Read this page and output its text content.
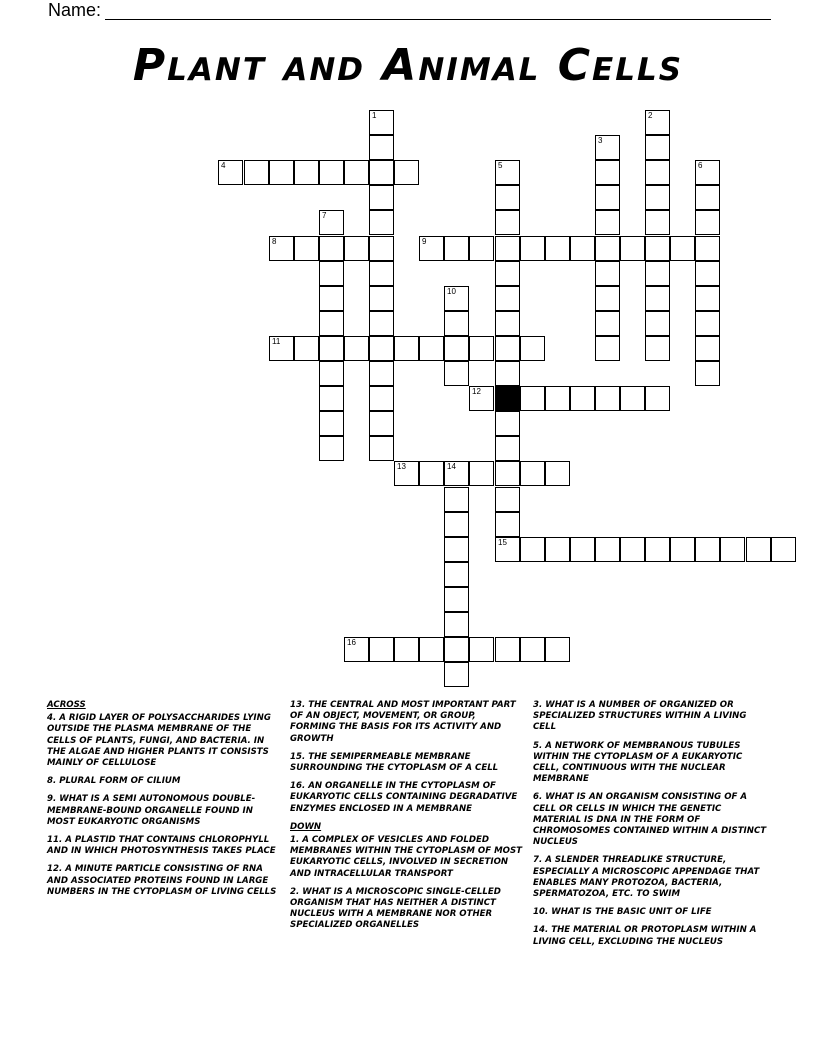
Name:
Plant and Animal Cells
1	2
3
4	5	6
7
8	9
10
11
12
13	14
15
16
ACROSS
4. A RIGID LAYER OF POLYSACCHARIDES LYING OUTSIDE THE PLASMA MEMBRANE OF THE CELLS OF PLANTS, FUNGI, AND BACTERIA. IN THE ALGAE AND HIGHER PLANTS IT CONSISTS MAINLY OF CELLULOSE
8. PLURAL FORM OF CILIUM
9. WHAT IS A SEMI AUTONOMOUS DOUBLE-MEMBRANE-BOUND ORGANELLE FOUND IN MOST EUKARYOTIC ORGANISMS
11. A PLASTID THAT CONTAINS CHLOROPHYLL AND IN WHICH PHOTOSYNTHESIS TAKES PLACE
12. A MINUTE PARTICLE CONSISTING OF RNA AND ASSOCIATED PROTEINS FOUND IN LARGE NUMBERS IN THE CYTOPLASM OF LIVING CELLS
13. THE CENTRAL AND MOST IMPORTANT PART OF AN OBJECT, MOVEMENT, OR GROUP, FORMING THE BASIS FOR ITS ACTIVITY AND GROWTH
15. THE SEMIPERMEABLE MEMBRANE SURROUNDING THE CYTOPLASM OF A CELL
16. AN ORGANELLE IN THE CYTOPLASM OF EUKARYOTIC CELLS CONTAINING DEGRADATIVE ENZYMES ENCLOSED IN A MEMBRANE
DOWN
1. A COMPLEX OF VESICLES AND FOLDED MEMBRANES WITHIN THE CYTOPLASM OF MOST EUKARYOTIC CELLS, INVOLVED IN SECRETION AND INTRACELLULAR TRANSPORT
2. WHAT IS A MICROSCOPIC SINGLE-CELLED ORGANISM THAT HAS NEITHER A DISTINCT NUCLEUS WITH A MEMBRANE NOR OTHER SPECIALIZED ORGANELLES
3. WHAT IS A NUMBER OF ORGANIZED OR SPECIALIZED STRUCTURES WITHIN A LIVING CELL
5. A NETWORK OF MEMBRANOUS TUBULES WITHIN THE CYTOPLASM OF A EUKARYOTIC CELL, CONTINUOUS WITH THE NUCLEAR MEMBRANE
6. WHAT IS AN ORGANISM CONSISTING OF A CELL OR CELLS IN WHICH THE GENETIC MATERIAL IS DNA IN THE FORM OF CHROMOSOMES CONTAINED WITHIN A DISTINCT NUCLEUS
7. A SLENDER THREADLIKE STRUCTURE, ESPECIALLY A MICROSCOPIC APPENDAGE THAT ENABLES MANY PROTOZOA, BACTERIA, SPERMATOZOA, ETC. TO SWIM
10. WHAT IS THE BASIC UNIT OF LIFE
14. THE MATERIAL OR PROTOPLASM WITHIN A LIVING CELL, EXCLUDING THE NUCLEUS
